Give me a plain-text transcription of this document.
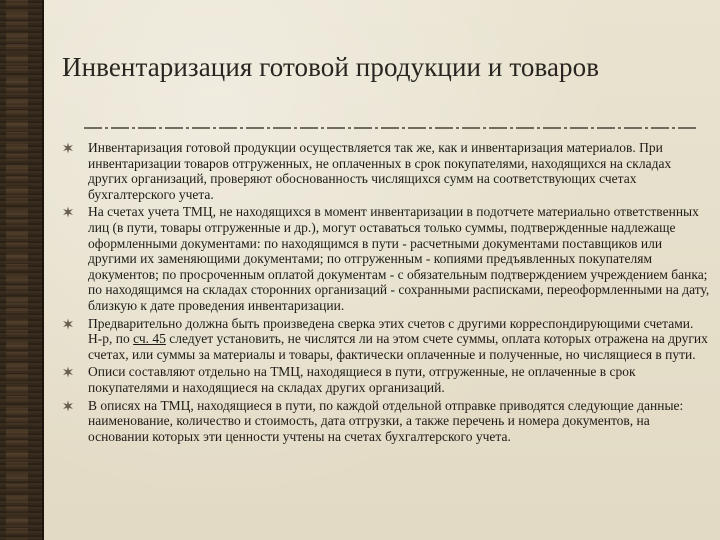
Инвентаризация готовой продукции и товаров
Инвентаризация готовой продукции осуществляется так же, как и инвентаризация материалов. При инвентаризации товаров отгруженных, не оплаченных в срок покупателями, находящихся на складах других организаций, проверяют обоснованность числящихся сумм на соответствующих счетах бухгалтерского учета.
На счетах учета ТМЦ, не находящихся в момент инвентаризации в подотчете материально ответственных лиц (в пути, товары отгруженные и др.), могут оставаться только суммы, подтвержденные надлежаще оформленными документами: по находящимся в пути - расчетными документами поставщиков или другими их заменяющими документами; по отгруженным - копиями предъявленных покупателям документов; по просроченным оплатой документам - с обязательным подтверждением учреждением банка; по находящимся на складах сторонних организаций - сохранными расписками, переоформленными на дату, близкую к дате проведения инвентаризации.
Предварительно должна быть произведена сверка этих счетов с другими корреспондирующими счетами. Н-р, по сч. 45 следует установить, не числятся ли на этом счете суммы, оплата которых отражена на других счетах, или суммы за материалы и товары, фактически оплаченные и полученные, но числящиеся в пути.
Описи составляют отдельно на ТМЦ, находящиеся в пути, отгруженные, не оплаченные в срок покупателями и находящиеся на складах других организаций.
В описях на ТМЦ, находящиеся в пути, по каждой отдельной отправке приводятся следующие данные: наименование, количество и стоимость, дата отгрузки, а также перечень и номера документов, на основании которых эти ценности учтены на счетах бухгалтерского учета.
